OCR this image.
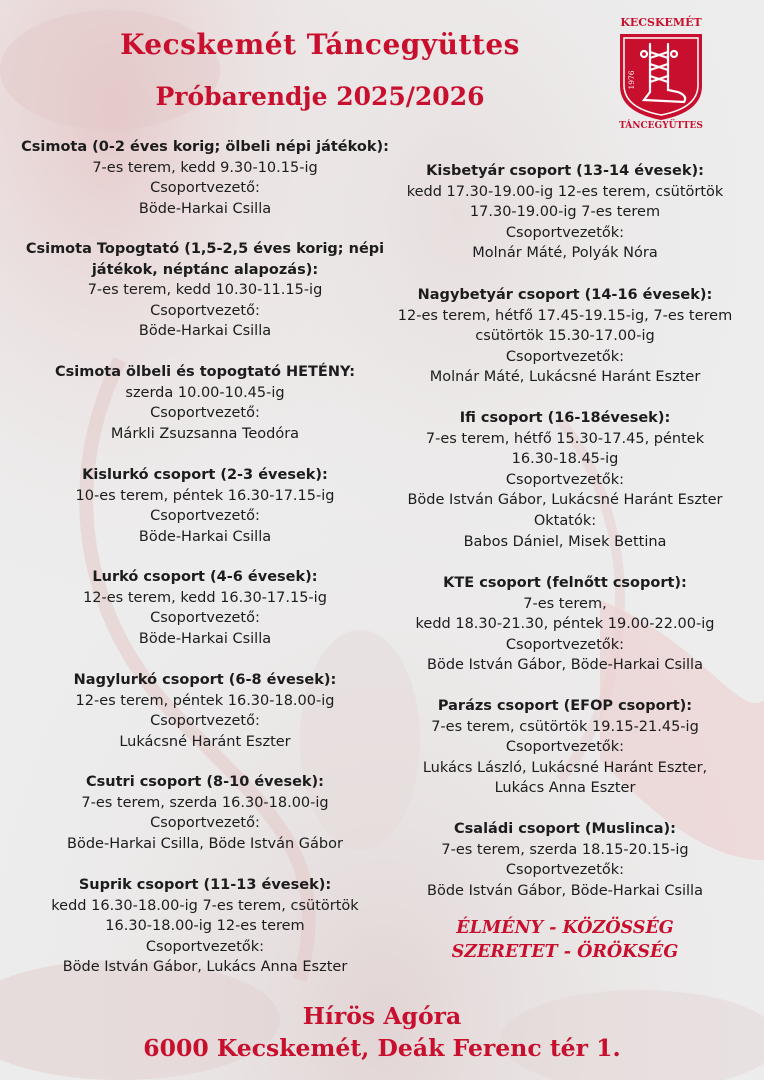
Kecskemét Táncegyüttes
Próbarendje 2025/2026
KECSKEMÉT
1976
TÁNCEGYÜTTES
Csimota (0-2 éves korig; ölbeli népi játékok):
7-es terem, kedd 9.30-10.15-ig
Csoportvezető:
Böde-Harkai Csilla
Csimota Topogtató (1,5-2,5 éves korig; népi
játékok, néptánc alapozás):
7-es terem, kedd 10.30-11.15-ig
Csoportvezető:
Böde-Harkai Csilla
Csimota ölbeli és topogtató HETÉNY:
szerda 10.00-10.45-ig
Csoportvezető:
Márkli Zsuzsanna Teodóra
Kislurkó csoport (2-3 évesek):
10-es terem, péntek 16.30-17.15-ig
Csoportvezető:
Böde-Harkai Csilla
Lurkó csoport (4-6 évesek):
12-es terem, kedd 16.30-17.15-ig
Csoportvezető:
Böde-Harkai Csilla
Nagylurkó csoport (6-8 évesek):
12-es terem, péntek 16.30-18.00-ig
Csoportvezető:
Lukácsné Haránt Eszter
Csutri csoport (8-10 évesek):
7-es terem, szerda 16.30-18.00-ig
Csoportvezető:
Böde-Harkai Csilla, Böde István Gábor
Suprik csoport (11-13 évesek):
kedd 16.30-18.00-ig 7-es terem, csütörtök
16.30-18.00-ig 12-es terem
Csoportvezetők:
Böde István Gábor, Lukács Anna Eszter
Kisbetyár csoport (13-14 évesek):
kedd 17.30-19.00-ig 12-es terem, csütörtök
17.30-19.00-ig 7-es terem
Csoportvezetők:
Molnár Máté, Polyák Nóra
Nagybetyár csoport (14-16 évesek):
12-es terem, hétfő 17.45-19.15-ig, 7-es terem
csütörtök 15.30-17.00-ig
Csoportvezetők:
Molnár Máté, Lukácsné Haránt Eszter
Ifi csoport (16-18évesek):
7-es terem, hétfő 15.30-17.45, péntek
16.30-18.45-ig
Csoportvezetők:
Böde István Gábor, Lukácsné Haránt Eszter
Oktatók:
Babos Dániel, Misek Bettina
KTE csoport (felnőtt csoport):
7-es terem,
kedd 18.30-21.30, péntek 19.00-22.00-ig
Csoportvezetők:
Böde István Gábor, Böde-Harkai Csilla
Parázs csoport (EFOP csoport):
7-es terem, csütörtök 19.15-21.45-ig
Csoportvezetők:
Lukács László, Lukácsné Haránt Eszter,
Lukács Anna Eszter
Családi csoport (Muslinca):
7-es terem, szerda 18.15-20.15-ig
Csoportvezetők:
Böde István Gábor, Böde-Harkai Csilla
ÉLMÉNY - KÖZÖSSÉG
SZERETET - ÖRÖKSÉG
Hírös Agóra
6000 Kecskemét, Deák Ferenc tér 1.
